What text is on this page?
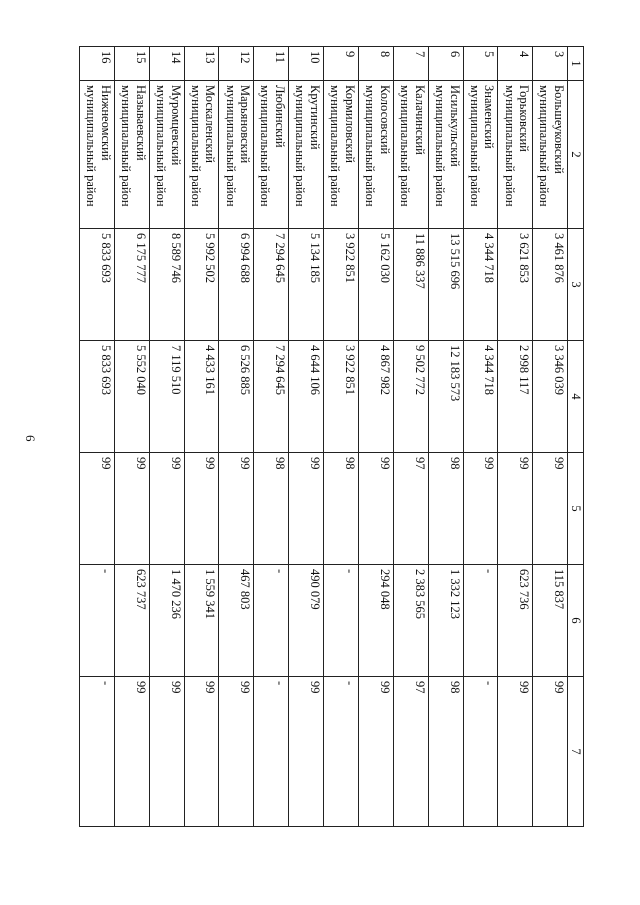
6
1	2	3	4	5	6	7
3	Большеуковский муниципальный район	3 461 876	3 346 039	99	115 837	99
4	Горьковский муниципальный район	3 621 853	2 998 117	99	623 736	99
5	Знаменский муниципальный район	4 344 718	4 344 718	99	-	-
6	Исилькульский муниципальный район	13 515 696	12 183 573	98	1 332 123	98
7	Калачинский муниципальный район	11 886 337	9 502 772	97	2 383 565	97
8	Колосовский муниципальный район	5 162 030	4 867 982	99	294 048	99
9	Кормиловский муниципальный район	3 922 851	3 922 851	98	-	-
10	Крутинский муниципальный район	5 134 185	4 644 106	99	490 079	99
11	Любинский муниципальный район	7 294 645	7 294 645	98	-	-
12	Марьяновский муниципальный район	6 994 688	6 526 885	99	467 803	99
13	Москаленский муниципальный район	5 992 502	4 433 161	99	1 559 341	99
14	Муромцевский муниципальный район	8 589 746	7 119 510	99	1 470 236	99
15	Называевский муниципальный район	6 175 777	5 552 040	99	623 737	99
16	Нижнеомский муниципальный район	5 833 693	5 833 693	99	-	-
